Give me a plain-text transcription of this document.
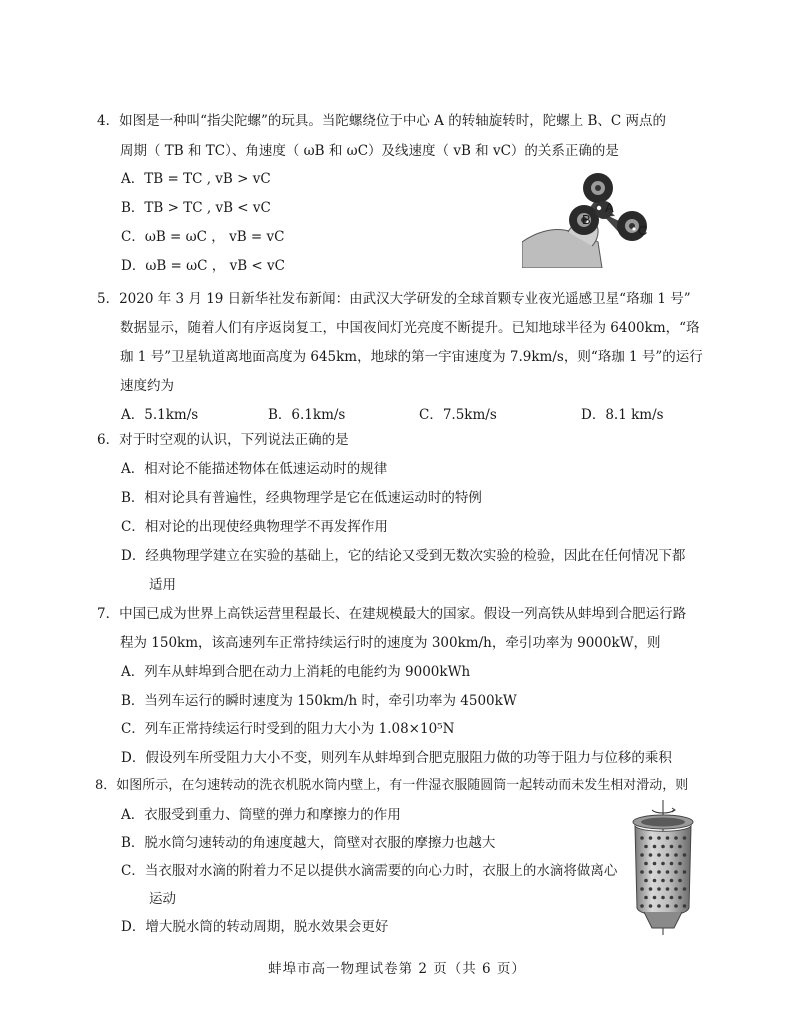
4．如图是一种叫“指尖陀螺”的玩具。当陀螺绕位于中心 A 的转轴旋转时，陀螺上 B、C 两点的
周期（ TB 和 TC）、角速度（ ωB 和 ωC）及线速度（ vB 和 vC）的关系正确的是
A．TB = TC , vB > vC
B．TB > TC , vB < vC
C．ωB = ωC ， vB = vC
D．ωB = ωC ， vB < vC
A
B
C
5．2020 年 3 月 19 日新华社发布新闻：由武汉大学研发的全球首颗专业夜光遥感卫星“珞珈 1 号”
数据显示，随着人们有序返岗复工，中国夜间灯光亮度不断提升。已知地球半径为 6400km，“珞
珈 1 号”卫星轨道离地面高度为 645km，地球的第一宇宙速度为 7.9km/s，则“珞珈 1 号”的运行
速度约为
A．5.1km/s	B．6.1km/s	C．7.5km/s	D．8.1 km/s
6．对于时空观的认识，下列说法正确的是
A．相对论不能描述物体在低速运动时的规律
B．相对论具有普遍性，经典物理学是它在低速运动时的特例
C．相对论的出现使经典物理学不再发挥作用
D．经典物理学建立在实验的基础上，它的结论又受到无数次实验的检验，因此在任何情况下都
适用
7．中国已成为世界上高铁运营里程最长、在建规模最大的国家。假设一列高铁从蚌埠到合肥运行路
程为 150km，该高速列车正常持续运行时的速度为 300km/h，牵引功率为 9000kW，则
A．列车从蚌埠到合肥在动力上消耗的电能约为 9000kWh
B．当列车运行的瞬时速度为 150km/h 时，牵引功率为 4500kW
C．列车正常持续运行时受到的阻力大小为 1.08×10⁵N
D．假设列车所受阻力大小不变，则列车从蚌埠到合肥克服阻力做的功等于阻力与位移的乘积
8．如图所示，在匀速转动的洗衣机脱水筒内壁上，有一件湿衣服随圆筒一起转动而未发生相对滑动，则
A．衣服受到重力、筒壁的弹力和摩擦力的作用
B．脱水筒匀速转动的角速度越大，筒壁对衣服的摩擦力也越大
C．当衣服对水滴的附着力不足以提供水滴需要的向心力时，衣服上的水滴将做离心
运动
D．增大脱水筒的转动周期，脱水效果会更好
蚌埠市高一物理试卷第 2 页（共 6 页）
